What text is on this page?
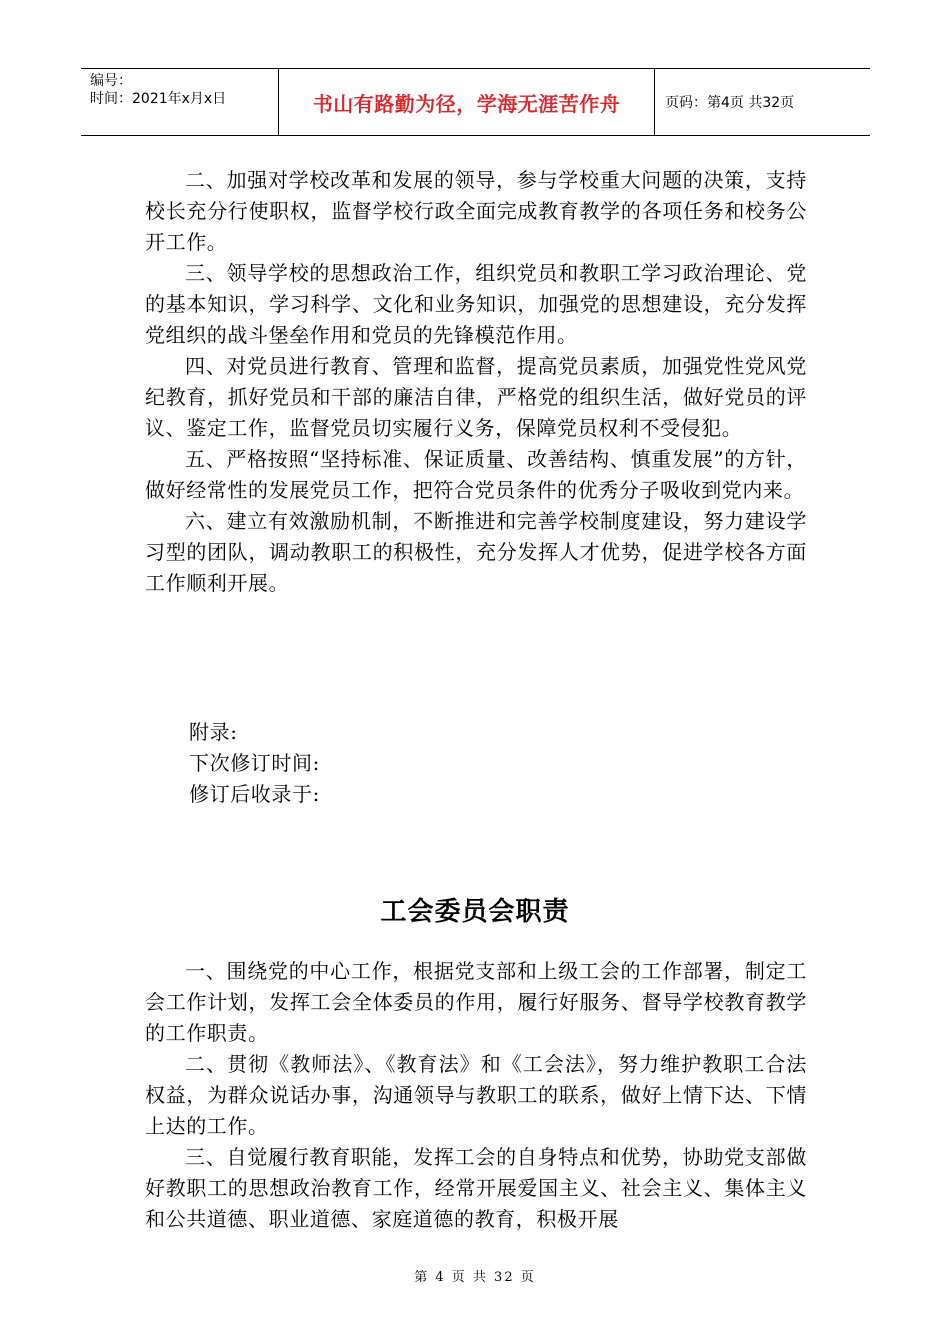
编号：
时间：2021年x月x日	书山有路勤为径，学海无涯苦作舟	页码：第4页 共32页

二、加强对学校改革和发展的领导，参与学校重大问题的决策，支持校长充分行使职权，监督学校行政全面完成教育教学的各项任务和校务公开工作。

三、领导学校的思想政治工作，组织党员和教职工学习政治理论、党的基本知识，学习科学、文化和业务知识，加强党的思想建设，充分发挥党组织的战斗堡垒作用和党员的先锋模范作用。

四、对党员进行教育、管理和监督，提高党员素质，加强党性党风党纪教育，抓好党员和干部的廉洁自律，严格党的组织生活，做好党员的评议、鉴定工作，监督党员切实履行义务，保障党员权利不受侵犯。

五、严格按照“坚持标准、保证质量、改善结构、慎重发展”的方针，做好经常性的发展党员工作，把符合党员条件的优秀分子吸收到党内来。

六、建立有效激励机制，不断推进和完善学校制度建设，努力建设学习型的团队，调动教职工的积极性，充分发挥人才优势，促进学校各方面工作顺利开展。

附录:
下次修订时间:
修订后收录于:
工会委员会职责

一、围绕党的中心工作，根据党支部和上级工会的工作部署，制定工会工作计划，发挥工会全体委员的作用，履行好服务、督导学校教育教学的工作职责。

二、贯彻《教师法》、《教育法》和《工会法》，努力维护教职工合法权益，为群众说话办事，沟通领导与教职工的联系，做好上情下达、下情上达的工作。

三、自觉履行教育职能，发挥工会的自身特点和优势，协助党支部做好教职工的思想政治教育工作，经常开展爱国主义、社会主义、集体主义和公共道德、职业道德、家庭道德的教育，积极开展

第 4 页 共 32 页
